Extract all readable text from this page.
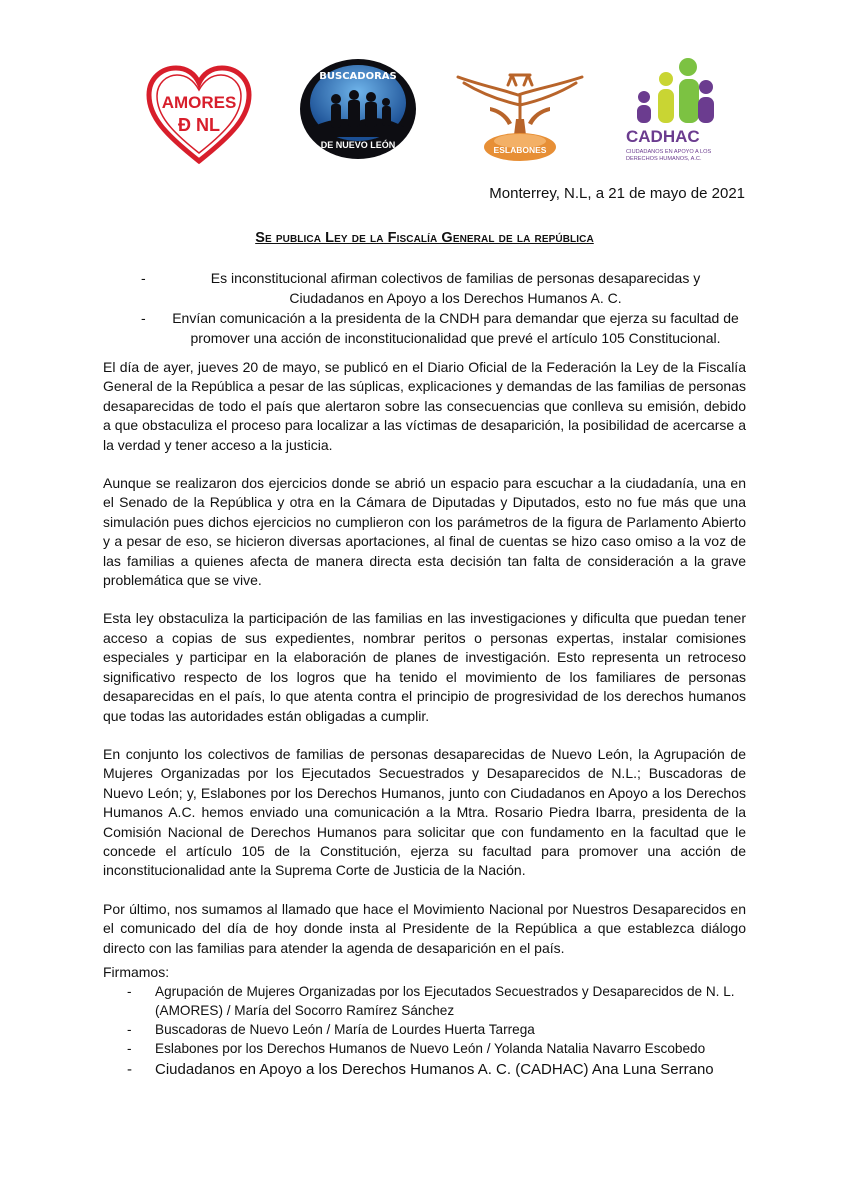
AMORES
Ð NL
BUSCADORAS
DE NUEVO LEÓN	ESLABONES
CADHAC
CIUDADANOS EN APOYO A LOS
DERECHOS HUMANOS, A.C.
Monterrey, N.L, a 21 de mayo de 2021
Se publica Ley de la Fiscalía General de la república
-	Es inconstitucional afirman colectivos de familias de personas desaparecidas y
Ciudadanos en Apoyo a los Derechos Humanos A. C.
-	Envían comunicación a la presidenta de la CNDH para demandar que ejerza su facultad de
promover una acción de inconstitucionalidad que prevé el artículo 105 Constitucional.

El día de ayer, jueves 20 de mayo, se publicó en el Diario Oficial de la Federación la Ley de la Fiscalía General de la República a pesar de las súplicas, explicaciones y demandas de las familias de personas desaparecidas de todo el país que alertaron sobre las consecuencias que conlleva su emisión, debido a que obstaculiza el proceso para localizar a las víctimas de desaparición, la posibilidad de acercarse a la verdad y tener acceso a la justicia.

Aunque se realizaron dos ejercicios donde se abrió un espacio para escuchar a la ciudadanía, una en el Senado de la República y otra en la Cámara de Diputadas y Diputados, esto no fue más que una simulación pues dichos ejercicios no cumplieron con los parámetros de la figura de Parlamento Abierto y a pesar de eso, se hicieron diversas aportaciones, al final de cuentas se hizo caso omiso a la voz de las familias a quienes afecta de manera directa esta decisión tan falta de consideración a la grave problemática que se vive.

Esta ley obstaculiza la participación de las familias en las investigaciones y dificulta que puedan tener acceso a copias de sus expedientes, nombrar peritos o personas expertas, instalar comisiones especiales y participar en la elaboración de planes de investigación. Esto representa un retroceso significativo respecto de los logros que ha tenido el movimiento de los familiares de personas desaparecidas en el país, lo que atenta contra el principio de progresividad de los derechos humanos que todas las autoridades están obligadas a cumplir.

En conjunto los colectivos de familias de personas desaparecidas de Nuevo León, la Agrupación de Mujeres Organizadas por los Ejecutados Secuestrados y Desaparecidos de N.L.; Buscadoras de Nuevo León; y, Eslabones por los Derechos Humanos, junto con Ciudadanos en Apoyo a los Derechos Humanos A.C. hemos enviado una comunicación a la Mtra. Rosario Piedra Ibarra, presidenta de la Comisión Nacional de Derechos Humanos para solicitar que con fundamento en la facultad que le concede el artículo 105 de la Constitución, ejerza su facultad para promover una acción de inconstitucionalidad ante la Suprema Corte de Justicia de la Nación.

Por último, nos sumamos al llamado que hace el Movimiento Nacional por Nuestros Desaparecidos en el comunicado del día de hoy donde insta al Presidente de la República a que establezca diálogo directo con las familias para atender la agenda de desaparición en el país.

Firmamos:
- Agrupación de Mujeres Organizadas por los Ejecutados Secuestrados y Desaparecidos de N. L. (AMORES) / María del Socorro Ramírez Sánchez
- Buscadoras de Nuevo León / María de Lourdes Huerta Tarrega
- Eslabones por los Derechos Humanos de Nuevo León / Yolanda Natalia Navarro Escobedo
- Ciudadanos en Apoyo a los Derechos Humanos A. C. (CADHAC) Ana Luna Serrano
